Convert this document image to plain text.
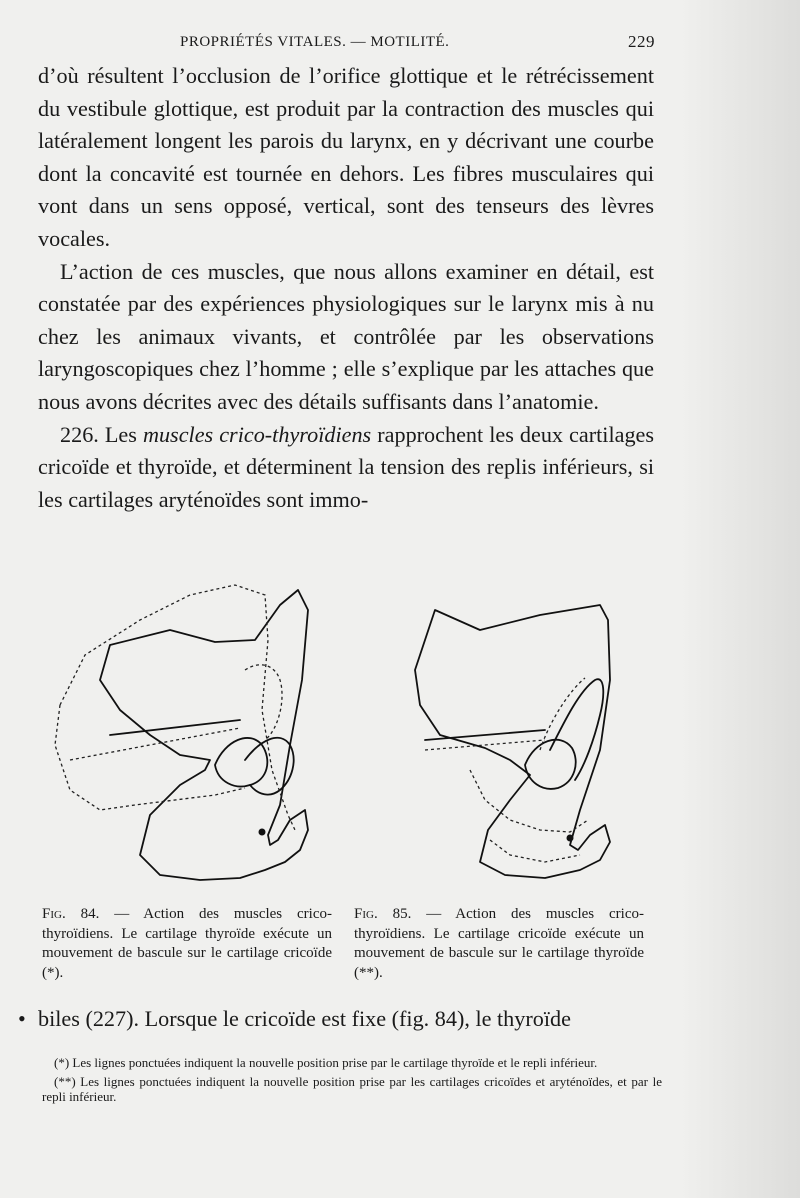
PROPRIÉTÉS VITALES. — MOTILITÉ.	229

d’où résultent l’occlusion de l’orifice glottique et le rétrécissement du vestibule glottique, est produit par la contraction des muscles qui latéralement longent les parois du larynx, en y décrivant une courbe dont la concavité est tournée en dehors. Les fibres musculaires qui vont dans un sens opposé, vertical, sont des tenseurs des lèvres vocales.

L’action de ces muscles, que nous allons examiner en détail, est constatée par des expériences physiologiques sur le larynx mis à nu chez les animaux vivants, et contrôlée par les observations laryngoscopiques chez l’homme ; elle s’explique par les attaches que nous avons décrites avec des détails suffisants dans l’anatomie.

226. Les muscles crico-thyroïdiens rapprochent les deux cartilages cricoïde et thyroïde, et déterminent la tension des replis inférieurs, si les cartilages aryténoïdes sont immo-

Fig. 84. — Action des muscles crico-thyroïdiens. Le cartilage thyroïde exécute un mouvement de bascule sur le cartilage cricoïde (*).
Fig. 85. — Action des muscles crico-thyroïdiens. Le cartilage cricoïde exécute un mouvement de bascule sur le cartilage thyroïde (**).
• biles (227). Lorsque le cricoïde est fixe (fig. 84), le thyroïde

(*) Les lignes ponctuées indiquent la nouvelle position prise par le cartilage thyroïde et le repli inférieur.

(**) Les lignes ponctuées indiquent la nouvelle position prise par les cartilages cricoïdes et aryténoïdes, et par le repli inférieur.
